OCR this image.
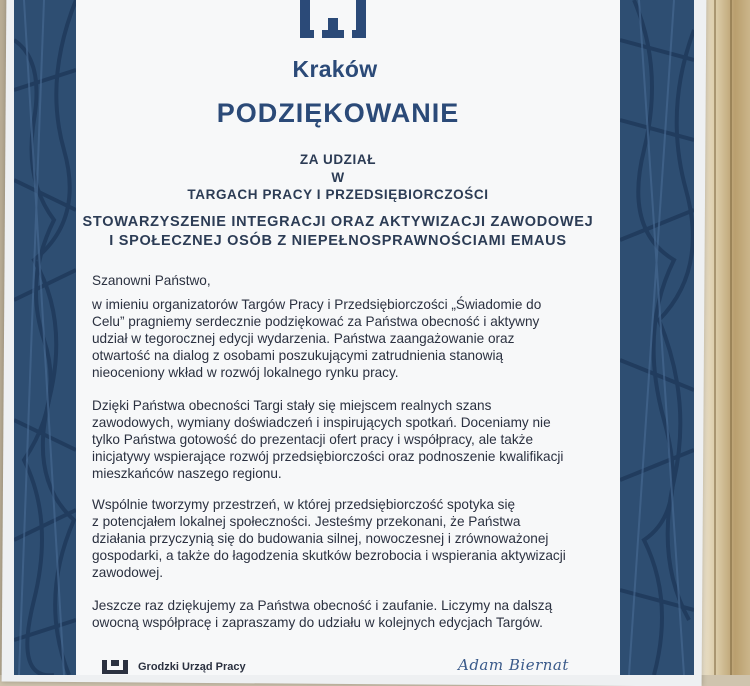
Kraków
PODZIĘKOWANIE
ZA UDZIAŁ
W
TARGACH PRACY I PRZEDSIĘBIORCZOŚCI
STOWARZYSZENIE INTEGRACJI ORAZ AKTYWIZACJI ZAWODOWEJ
I SPOŁECZNEJ OSÓB Z NIEPEŁNOSPRAWNOŚCIAMI EMAUS
Szanowni Państwo,

w imieniu organizatorów Targów Pracy i Przedsiębiorczości „Świadomie do

Celu” pragniemy serdecznie podziękować za Państwa obecność i aktywny

udział w tegorocznej edycji wydarzenia. Państwa zaangażowanie oraz

otwartość na dialog z osobami poszukującymi zatrudnienia stanowią

nieoceniony wkład w rozwój lokalnego rynku pracy.

Dzięki Państwa obecności Targi stały się miejscem realnych szans

zawodowych, wymiany doświadczeń i inspirujących spotkań. Doceniamy nie

tylko Państwa gotowość do prezentacji ofert pracy i współpracy, ale także

inicjatywy wspierające rozwój przedsiębiorczości oraz podnoszenie kwalifikacji

mieszkańców naszego regionu.

Wspólnie tworzymy przestrzeń, w której przedsiębiorczość spotyka się

z potencjałem lokalnej społeczności. Jesteśmy przekonani, że Państwa

działania przyczynią się do budowania silnej, nowoczesnej i zrównoważonej

gospodarki, a także do łagodzenia skutków bezrobocia i wspierania aktywizacji

zawodowej.

Jeszcze raz dziękujemy za Państwa obecność i zaufanie. Liczymy na dalszą

owocną współpracę i zapraszamy do udziału w kolejnych edycjach Targów.

Grodzki Urząd Pracy	Adam Biernat
